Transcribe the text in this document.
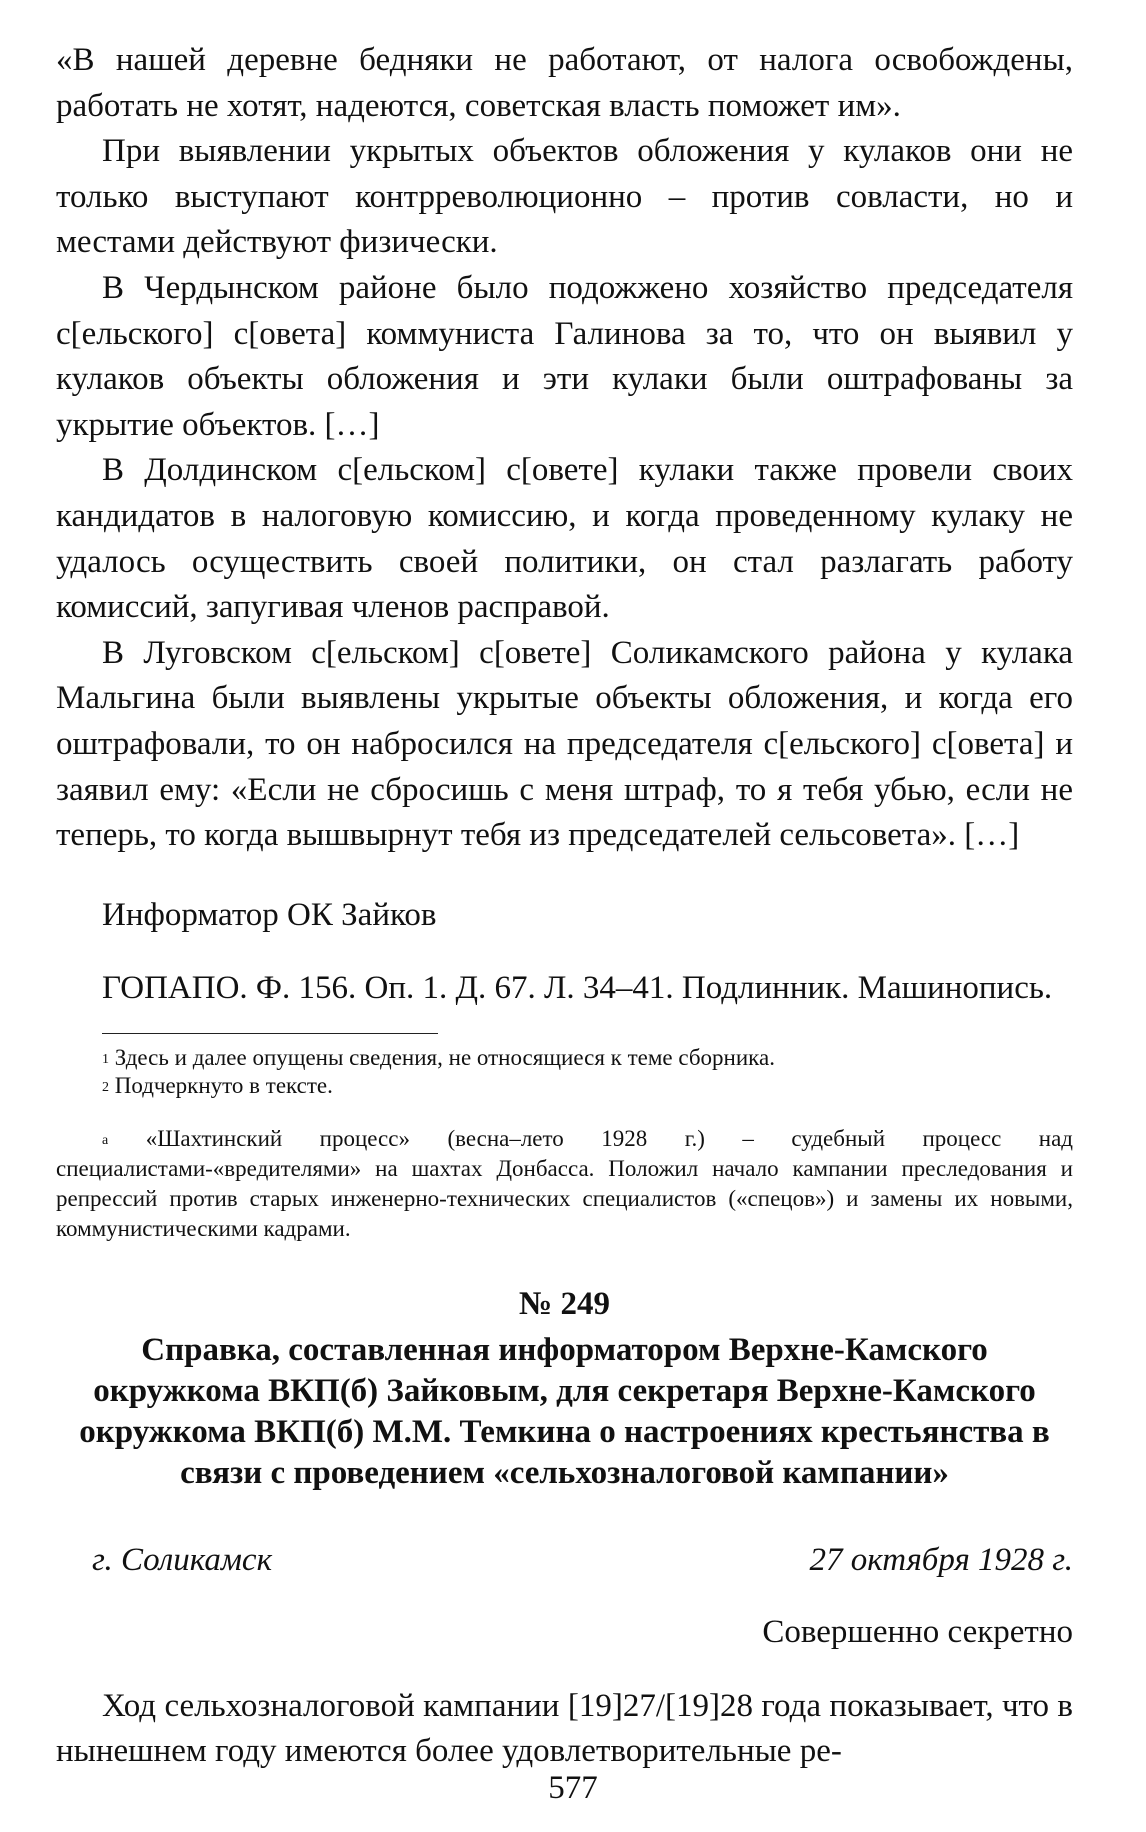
«В нашей деревне бедняки не работают, от налога освобождены, работать не хотят, надеются, советская власть поможет им».

При выявлении укрытых объектов обложения у кулаков они не только выступают контрреволюционно – против совласти, но и местами действуют физически.

В Чердынском районе было подожжено хозяйство председателя с[ельского] с[овета] коммуниста Галинова за то, что он выявил у кулаков объекты обложения и эти кулаки были оштрафованы за укрытие объектов. […]

В Долдинском с[ельском] с[овете] кулаки также провели своих кандидатов в налоговую комиссию, и когда проведенному кулаку не удалось осуществить своей политики, он стал разлагать работу комиссий, запугивая членов расправой.

В Луговском с[ельском] с[овете] Соликамского района у кулака Мальгина были выявлены укрытые объекты обложения, и когда его оштрафовали, то он набросился на председателя с[ельского] с[овета] и заявил ему: «Если не сбросишь с меня штраф, то я тебя убью, если не теперь, то когда вышвырнут тебя из председателей сельсовета». […]

Информатор ОК Зайков

ГОПАПО. Ф. 156. Оп. 1. Д. 67. Л. 34–41. Подлинник. Машинопись.

$^1$ Здесь и далее опущены сведения, не относящиеся к теме сборника.

$^2$ Подчеркнуто в тексте.

$^a$ «Шахтинский процесс» (весна–лето 1928 г.) – судебный процесс над специалистами-«вредителями» на шахтах Донбасса. Положил начало кампании преследования и репрессий против старых инженерно-технических специалистов («спецов») и замены их новыми, коммунистическими кадрами.

№ 249

Справка, составленная информатором Верхне-Камского окружкома ВКП(б) Зайковым, для секретаря Верхне-Камского окружкома ВКП(б) М.М. Темкина о настроениях крестьянства в связи с проведением «сельхозналоговой кампании»

г. Соликамск	27 октября 1928 г.
Совершенно секретно

Ход сельхозналоговой кампании [19]27/[19]28 года показывает, что в нынешнем году имеются более удовлетворительные ре-

577
